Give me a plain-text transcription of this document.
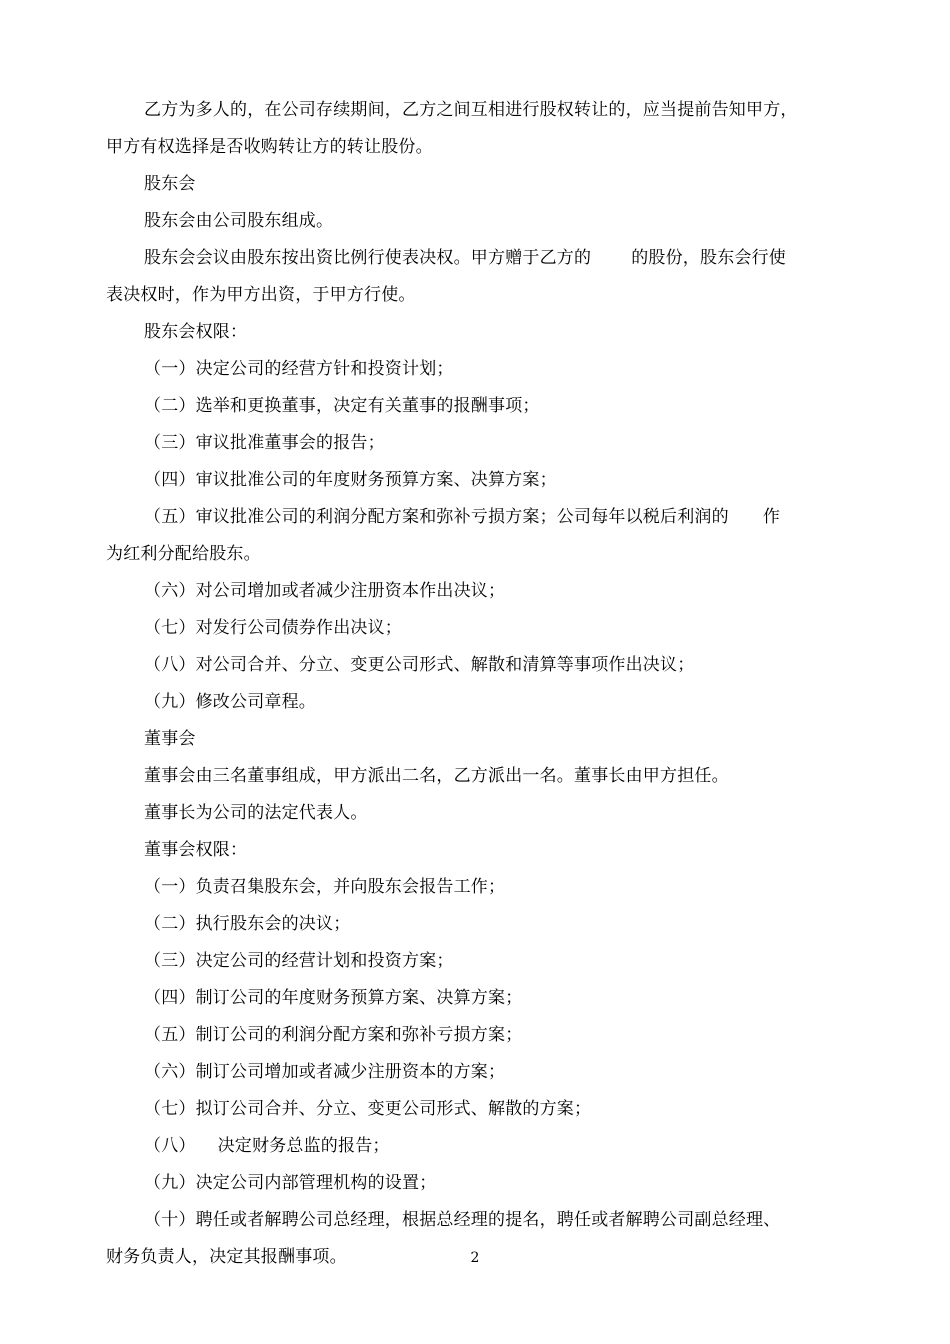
乙方为多人的，在公司存续期间，乙方之间互相进行股权转让的，应当提前告知甲方，
甲方有权选择是否收购转让方的转让股份。
股东会
股东会由公司股东组成。
股东会会议由股东按出资比例行使表决权。甲方赠于乙方的 的股份，股东会行使
表决权时，作为甲方出资，于甲方行使。
股东会权限：
（一）决定公司的经营方针和投资计划；
（二）选举和更换董事，决定有关董事的报酬事项；
（三）审议批准董事会的报告；
（四）审议批准公司的年度财务预算方案、决算方案；
（五）审议批准公司的利润分配方案和弥补亏损方案；公司每年以税后利润的 作
为红利分配给股东。
（六）对公司增加或者减少注册资本作出决议；
（七）对发行公司债券作出决议；
（八）对公司合并、分立、变更公司形式、解散和清算等事项作出决议；
（九）修改公司章程。
董事会
董事会由三名董事组成，甲方派出二名，乙方派出一名。董事长由甲方担任。
董事长为公司的法定代表人。
董事会权限：
（一）负责召集股东会，并向股东会报告工作；
（二）执行股东会的决议；
（三）决定公司的经营计划和投资方案；
（四）制订公司的年度财务预算方案、决算方案；
（五）制订公司的利润分配方案和弥补亏损方案；
（六）制订公司增加或者减少注册资本的方案；
（七）拟订公司合并、分立、变更公司形式、解散的方案；
（八） 决定财务总监的报告；
（九）决定公司内部管理机构的设置；
（十）聘任或者解聘公司总经理，根据总经理的提名，聘任或者解聘公司副总经理、
财务负责人，决定其报酬事项。	2
